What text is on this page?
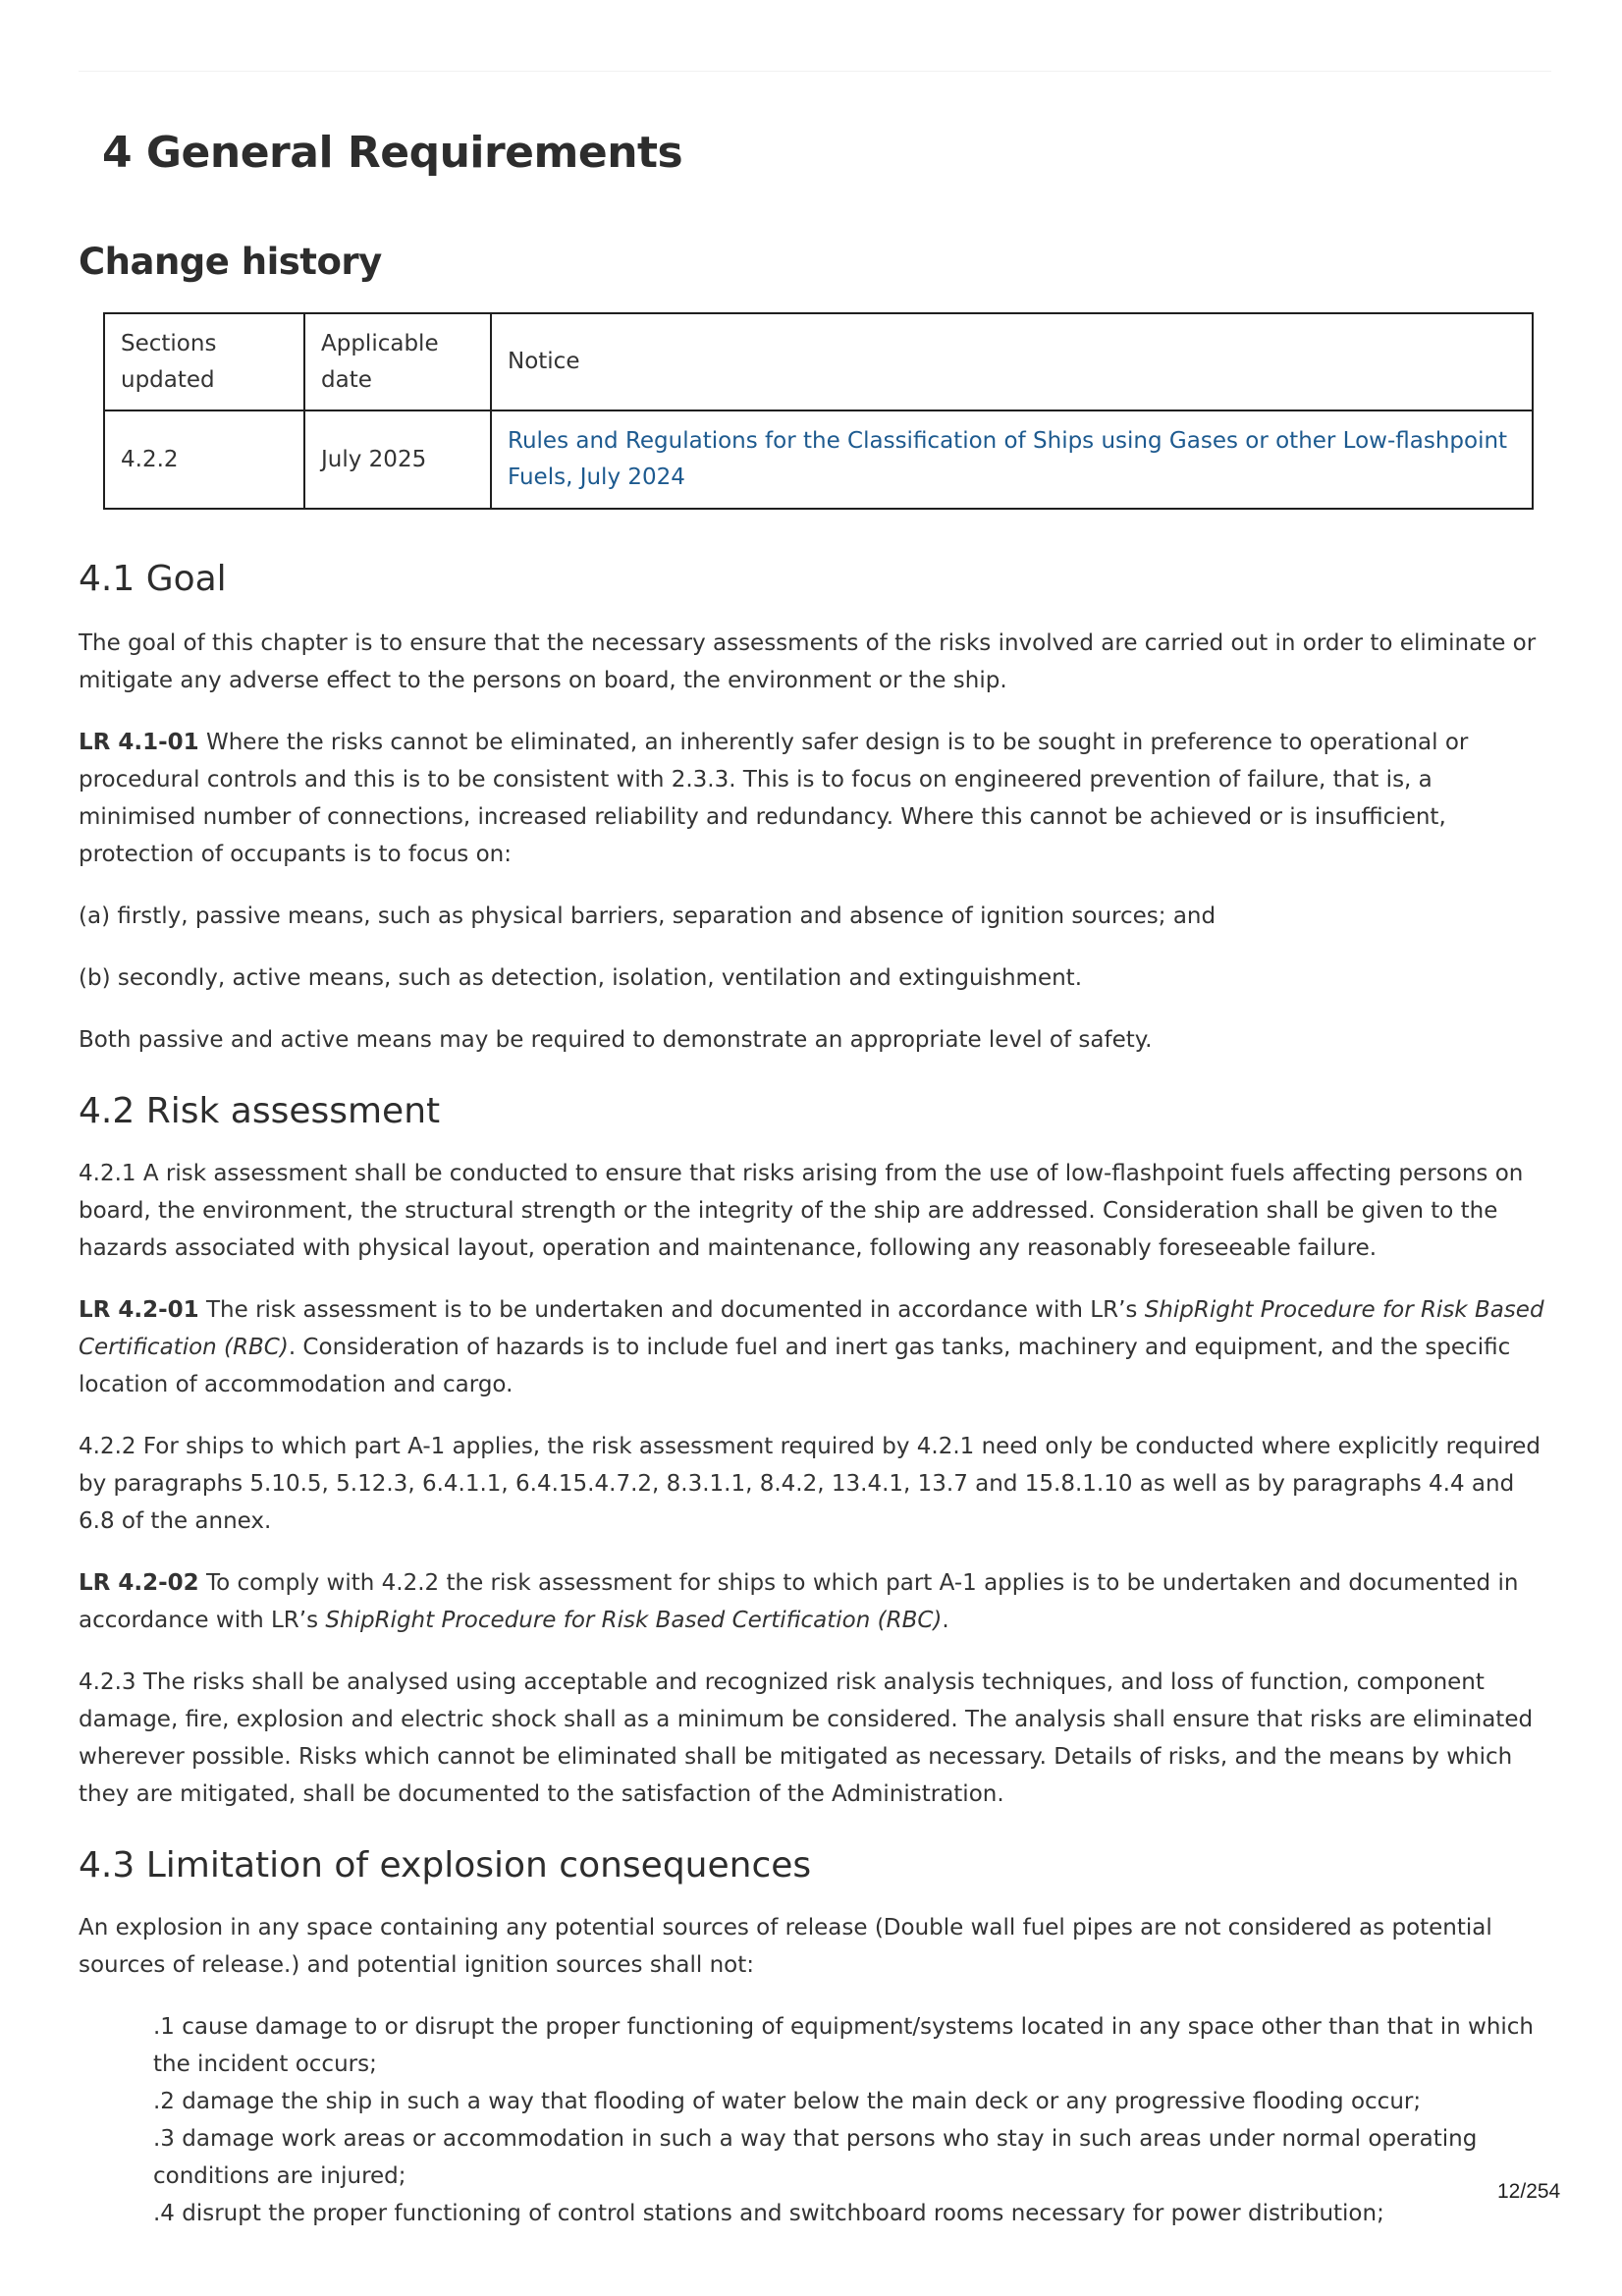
4 General Requirements
Change history
Sections updated	Applicable date	Notice
4.2.2	July 2025	Rules and Regulations for the Classification of Ships using Gases or other Low-flashpoint Fuels, July 2024
4.1 Goal

The goal of this chapter is to ensure that the necessary assessments of the risks involved are carried out in order to eliminate or mitigate any adverse effect to the persons on board, the environment or the ship.

LR 4.1-01 Where the risks cannot be eliminated, an inherently safer design is to be sought in preference to operational or procedural controls and this is to be consistent with 2.3.3. This is to focus on engineered prevention of failure, that is, a minimised number of connections, increased reliability and redundancy. Where this cannot be achieved or is insufficient, protection of occupants is to focus on:

(a) firstly, passive means, such as physical barriers, separation and absence of ignition sources; and

(b) secondly, active means, such as detection, isolation, ventilation and extinguishment.

Both passive and active means may be required to demonstrate an appropriate level of safety.

4.2 Risk assessment

4.2.1 A risk assessment shall be conducted to ensure that risks arising from the use of low-flashpoint fuels affecting persons on board, the environment, the structural strength or the integrity of the ship are addressed. Consideration shall be given to the hazards associated with physical layout, operation and maintenance, following any reasonably foreseeable failure.

LR 4.2-01 The risk assessment is to be undertaken and documented in accordance with LR’s ShipRight Procedure for Risk Based Certification (RBC). Consideration of hazards is to include fuel and inert gas tanks, machinery and equipment, and the specific location of accommodation and cargo.

4.2.2 For ships to which part A-1 applies, the risk assessment required by 4.2.1 need only be conducted where explicitly required by paragraphs 5.10.5, 5.12.3, 6.4.1.1, 6.4.15.4.7.2, 8.3.1.1, 8.4.2, 13.4.1, 13.7 and 15.8.1.10 as well as by paragraphs 4.4 and 6.8 of the annex.

LR 4.2-02 To comply with 4.2.2 the risk assessment for ships to which part A-1 applies is to be undertaken and documented in accordance with LR’s ShipRight Procedure for Risk Based Certification (RBC).

4.2.3 The risks shall be analysed using acceptable and recognized risk analysis techniques, and loss of function, component damage, fire, explosion and electric shock shall as a minimum be considered. The analysis shall ensure that risks are eliminated wherever possible. Risks which cannot be eliminated shall be mitigated as necessary. Details of risks, and the means by which they are mitigated, shall be documented to the satisfaction of the Administration.

4.3 Limitation of explosion consequences

An explosion in any space containing any potential sources of release (Double wall fuel pipes are not considered as potential sources of release.) and potential ignition sources shall not:

.1 cause damage to or disrupt the proper functioning of equipment/systems located in any space other than that in which the incident occurs;

.2 damage the ship in such a way that flooding of water below the main deck or any progressive flooding occur;

.3 damage work areas or accommodation in such a way that persons who stay in such areas under normal operating conditions are injured;

.4 disrupt the proper functioning of control stations and switchboard rooms necessary for power distribution;

12/254
